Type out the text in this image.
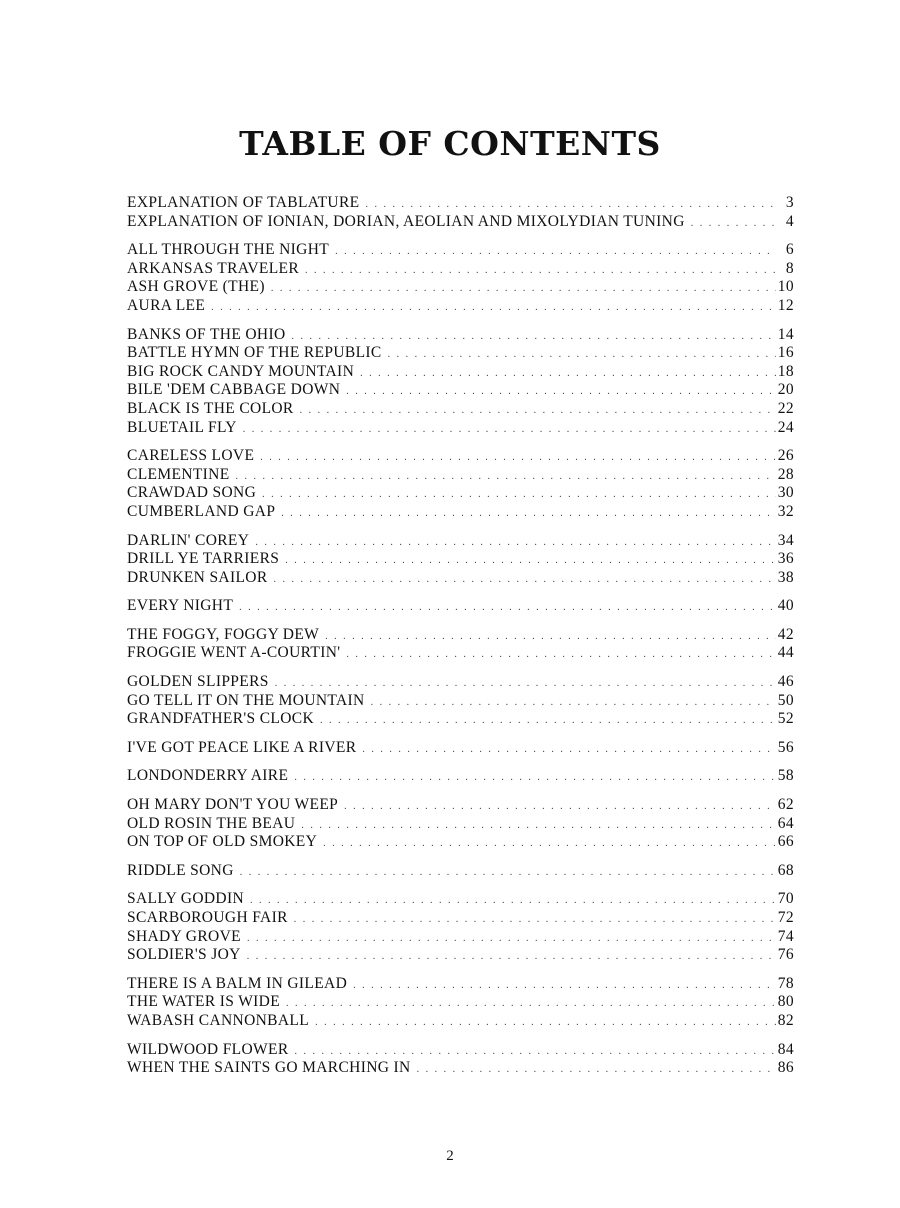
TABLE OF CONTENTS
EXPLANATION OF TABLATURE . . .	3
EXPLANATION OF IONIAN, DORIAN, AEOLIAN AND MIXOLYDIAN TUNING . . .	4
ALL THROUGH THE NIGHT . . .	6
ARKANSAS TRAVELER . . .	8
ASH GROVE (THE) . . .	10
AURA LEE . . .	12
BANKS OF THE OHIO . . .	14
BATTLE HYMN OF THE REPUBLIC . . .	16
BIG ROCK CANDY MOUNTAIN . . .	18
BILE 'DEM CABBAGE DOWN . . .	20
BLACK IS THE COLOR . . .	22
BLUETAIL FLY . . .	24
CARELESS LOVE . . .	26
CLEMENTINE . . .	28
CRAWDAD SONG . . .	30
CUMBERLAND GAP . . .	32
DARLIN' COREY . . .	34
DRILL YE TARRIERS . . .	36
DRUNKEN SAILOR . . .	38
EVERY NIGHT . . .	40
THE FOGGY, FOGGY DEW . . .	42
FROGGIE WENT A-COURTIN' . . .	44
GOLDEN SLIPPERS . . .	46
GO TELL IT ON THE MOUNTAIN . . .	50
GRANDFATHER'S CLOCK . . .	52
I'VE GOT PEACE LIKE A RIVER . . .	56
LONDONDERRY AIRE . . .	58
OH MARY DON'T YOU WEEP . . .	62
OLD ROSIN THE BEAU . . .	64
ON TOP OF OLD SMOKEY . . .	66
RIDDLE SONG . . .	68
SALLY GODDIN . . .	70
SCARBOROUGH FAIR . . .	72
SHADY GROVE . . .	74
SOLDIER'S JOY . . .	76
THERE IS A BALM IN GILEAD . . .	78
THE WATER IS WIDE . . .	80
WABASH CANNONBALL . . .	82
WILDWOOD FLOWER . . .	84
WHEN THE SAINTS GO MARCHING IN . . .	86
2
